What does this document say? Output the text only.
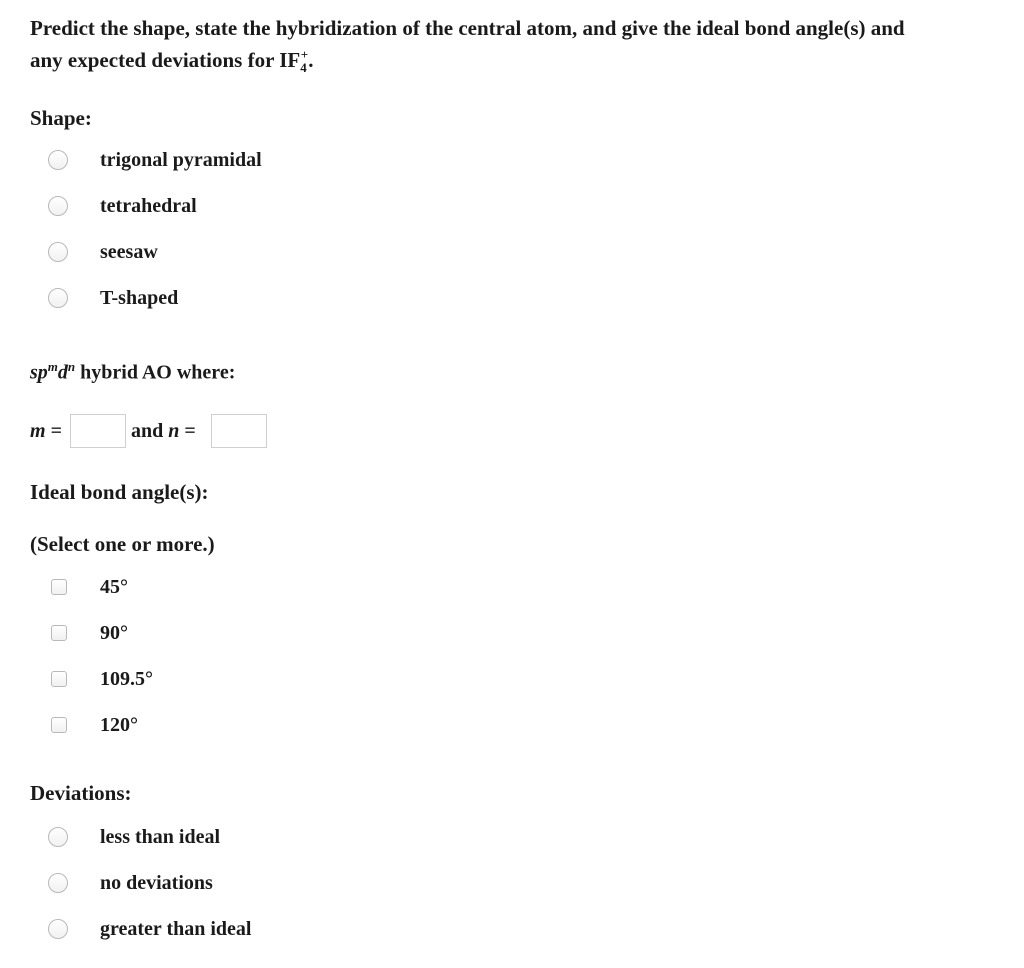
Predict the shape, state the hybridization of the central atom, and give the ideal bond angle(s) and
any expected deviations for $IF_4^+$.

Shape:
trigonal pyramidal
tetrahedral
seesaw
T-shaped
$sp^md^n$ hybrid AO where:
m =	and n =
Ideal bond angle(s):
(Select one or more.)
45°
90°
109.5°
120°
Deviations:
less than ideal
no deviations
greater than ideal
